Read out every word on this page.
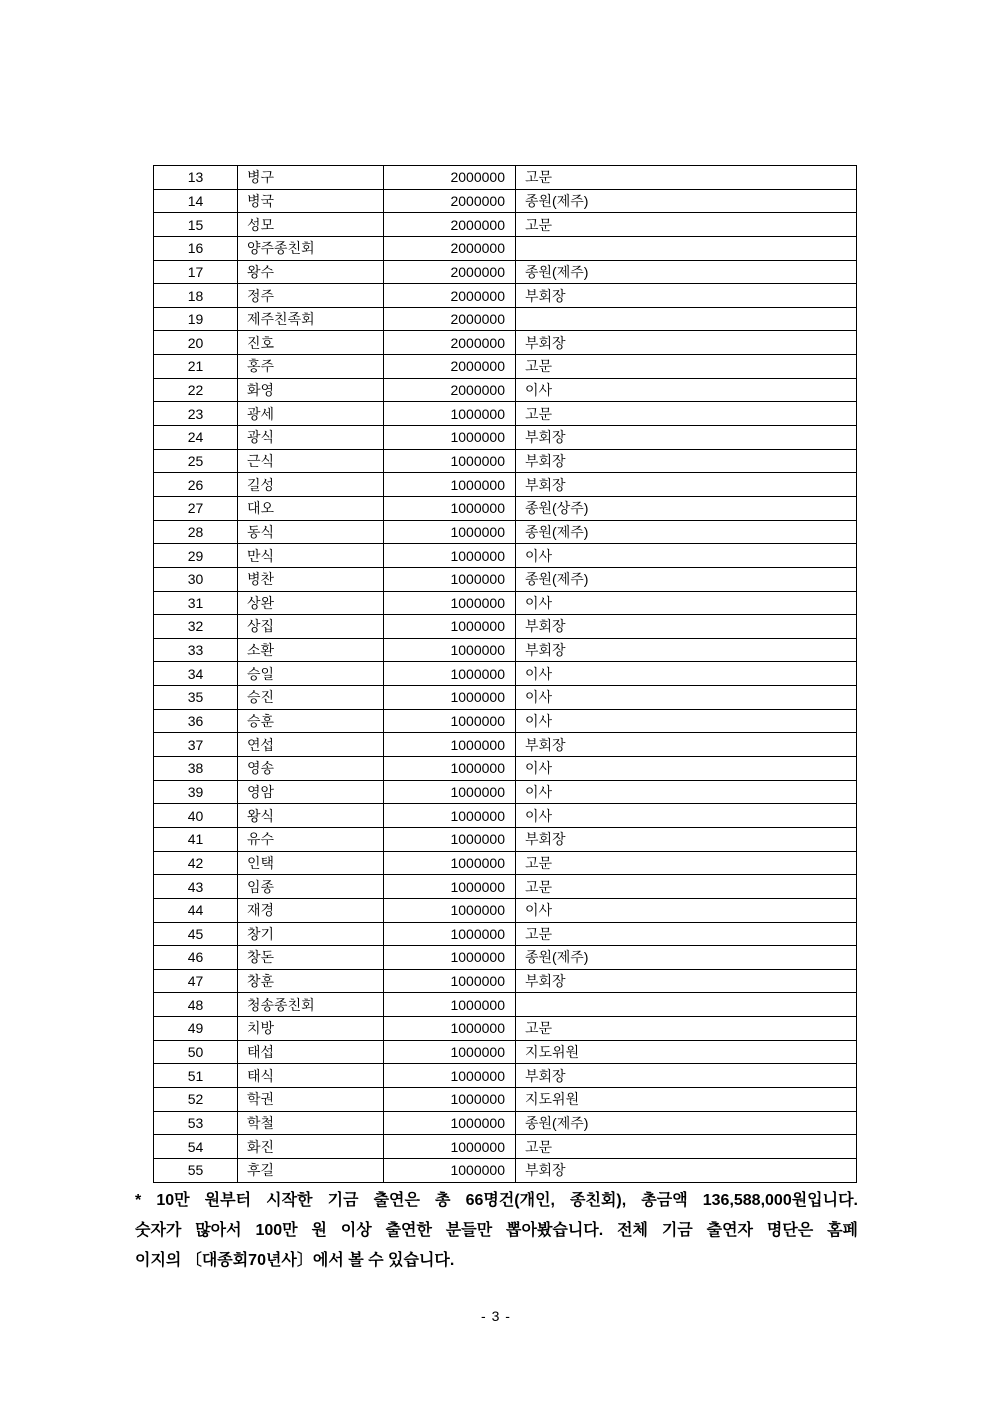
13	병구	2000000	고문
14	병국	2000000	종원(제주)
15	성모	2000000	고문
16	양주종친회	2000000	
17	왕수	2000000	종원(제주)
18	정주	2000000	부회장
19	제주친족회	2000000	
20	진호	2000000	부회장
21	홍주	2000000	고문
22	화영	2000000	이사
23	광세	1000000	고문
24	광식	1000000	부회장
25	근식	1000000	부회장
26	길성	1000000	부회장
27	대오	1000000	종원(상주)
28	동식	1000000	종원(제주)
29	만식	1000000	이사
30	병찬	1000000	종원(제주)
31	상완	1000000	이사
32	상집	1000000	부회장
33	소환	1000000	부회장
34	승일	1000000	이사
35	승진	1000000	이사
36	승훈	1000000	이사
37	연섭	1000000	부회장
38	영송	1000000	이사
39	영암	1000000	이사
40	왕식	1000000	이사
41	유수	1000000	부회장
42	인택	1000000	고문
43	임종	1000000	고문
44	재경	1000000	이사
45	창기	1000000	고문
46	창돈	1000000	종원(제주)
47	창훈	1000000	부회장
48	청송종친회	1000000	
49	치방	1000000	고문
50	태섭	1000000	지도위원
51	태식	1000000	부회장
52	학권	1000000	지도위원
53	학철	1000000	종원(제주)
54	화진	1000000	고문
55	후길	1000000	부회장
* 10만 원부터 시작한 기금 출연은 총 66명건(개인, 종친회), 총금액 136,588,000원입니다.
숫자가 많아서 100만 원 이상 출연한 분들만 뽑아봤습니다. 전체 기금 출연자 명단은 홈페
이지의 〔대종회70년사〕에서 볼 수 있습니다.
- 3 -
